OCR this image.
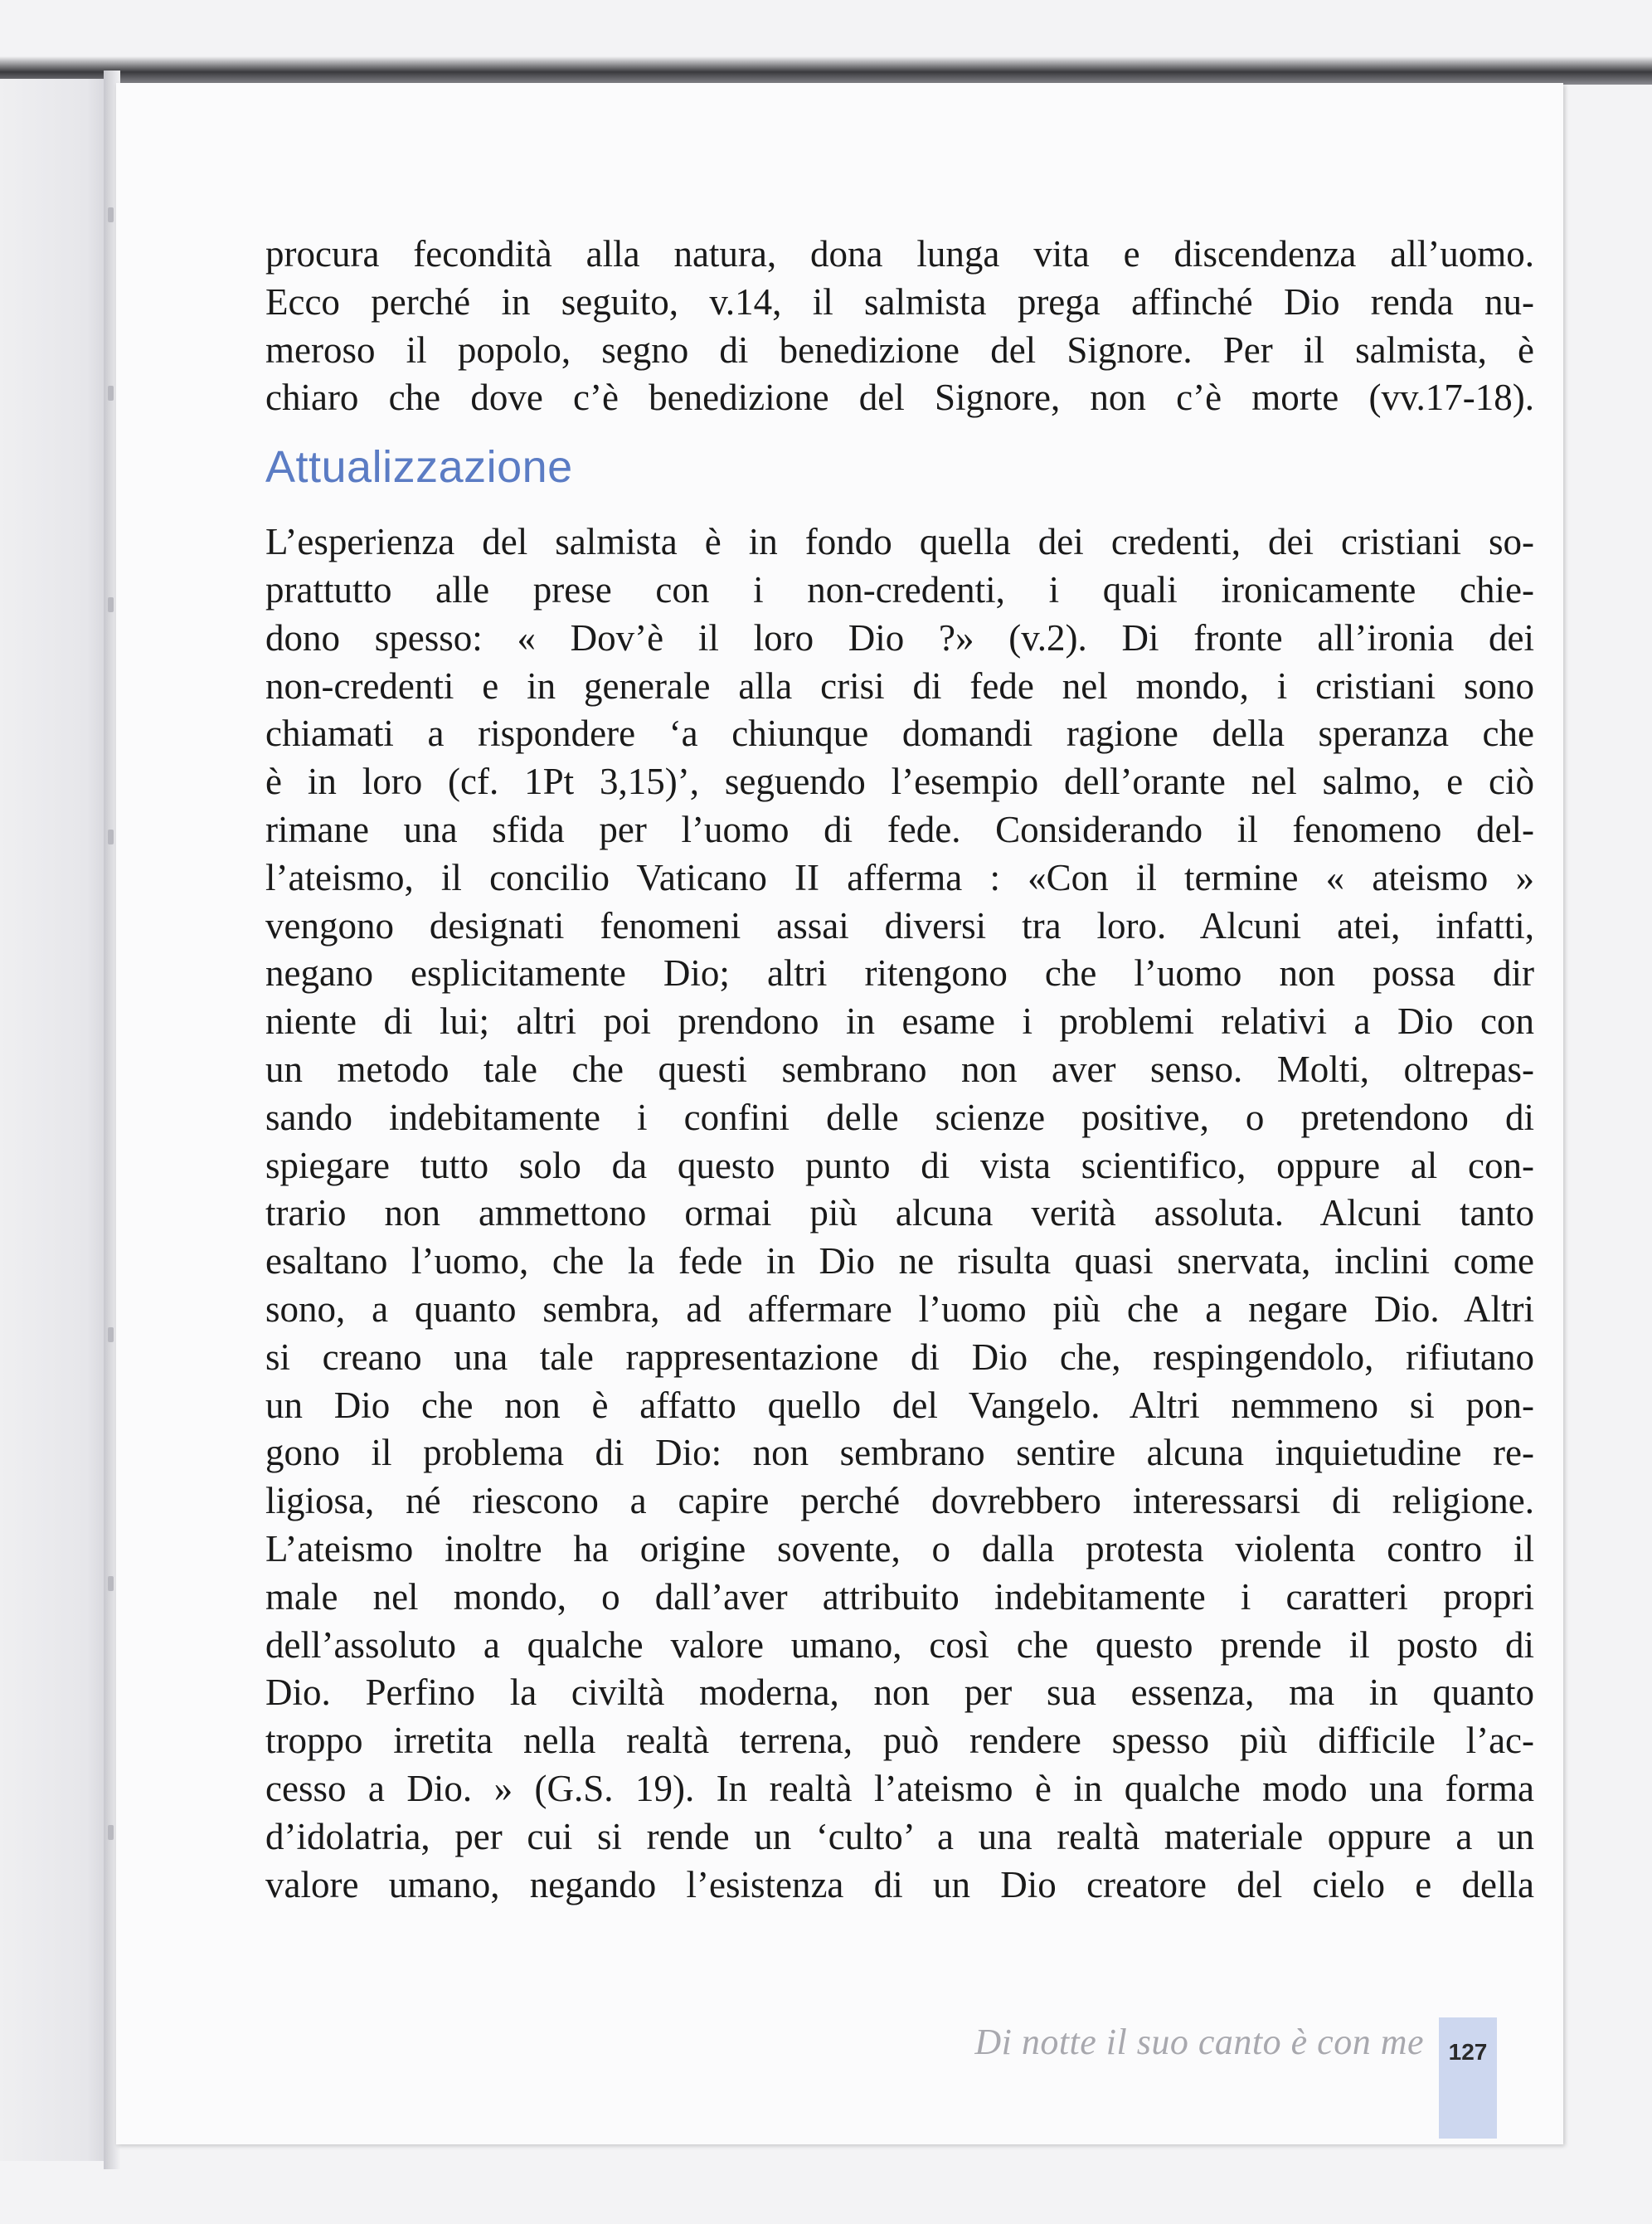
procura fecondità alla natura, dona lunga vita e discendenza all’uomo.
Ecco perché in seguito, v.14, il salmista prega affinché Dio renda nu-
meroso il popolo, segno di benedizione del Signore. Per il salmista, è
chiaro che dove c’è benedizione del Signore, non c’è morte (vv.17-18).
Attualizzazione
L’esperienza del salmista è in fondo quella dei credenti, dei cristiani so-
prattutto alle prese con i non-credenti, i quali ironicamente chie-
dono spesso: « Dov’è il loro Dio ?» (v.2). Di fronte all’ironia dei
non-credenti e in generale alla crisi di fede nel mondo, i cristiani sono
chiamati a rispondere ‘a chiunque domandi ragione della speranza che
è in loro (cf. 1Pt 3,15)’, seguendo l’esempio dell’orante nel salmo, e ciò
rimane una sfida per l’uomo di fede. Considerando il fenomeno del-
l’ateismo, il concilio Vaticano II afferma : «Con il termine « ateismo »
vengono designati fenomeni assai diversi tra loro. Alcuni atei, infatti,
negano esplicitamente Dio; altri ritengono che l’uomo non possa dir
niente di lui; altri poi prendono in esame i problemi relativi a Dio con
un metodo tale che questi sembrano non aver senso. Molti, oltrepas-
sando indebitamente i confini delle scienze positive, o pretendono di
spiegare tutto solo da questo punto di vista scientifico, oppure al con-
trario non ammettono ormai più alcuna verità assoluta. Alcuni tanto
esaltano l’uomo, che la fede in Dio ne risulta quasi snervata, inclini come
sono, a quanto sembra, ad affermare l’uomo più che a negare Dio. Altri
si creano una tale rappresentazione di Dio che, respingendolo, rifiutano
un Dio che non è affatto quello del Vangelo. Altri nemmeno si pon-
gono il problema di Dio: non sembrano sentire alcuna inquietudine re-
ligiosa, né riescono a capire perché dovrebbero interessarsi di religione.
L’ateismo inoltre ha origine sovente, o dalla protesta violenta contro il
male nel mondo, o dall’aver attribuito indebitamente i caratteri propri
dell’assoluto a qualche valore umano, così che questo prende il posto di
Dio. Perfino la civiltà moderna, non per sua essenza, ma in quanto
troppo irretita nella realtà terrena, può rendere spesso più difficile l’ac-
cesso a Dio. » (G.S. 19). In realtà l’ateismo è in qualche modo una forma
d’idolatria, per cui si rende un ‘culto’ a una realtà materiale oppure a un
valore umano, negando l’esistenza di un Dio creatore del cielo e della
Di notte il suo canto è con me 127
